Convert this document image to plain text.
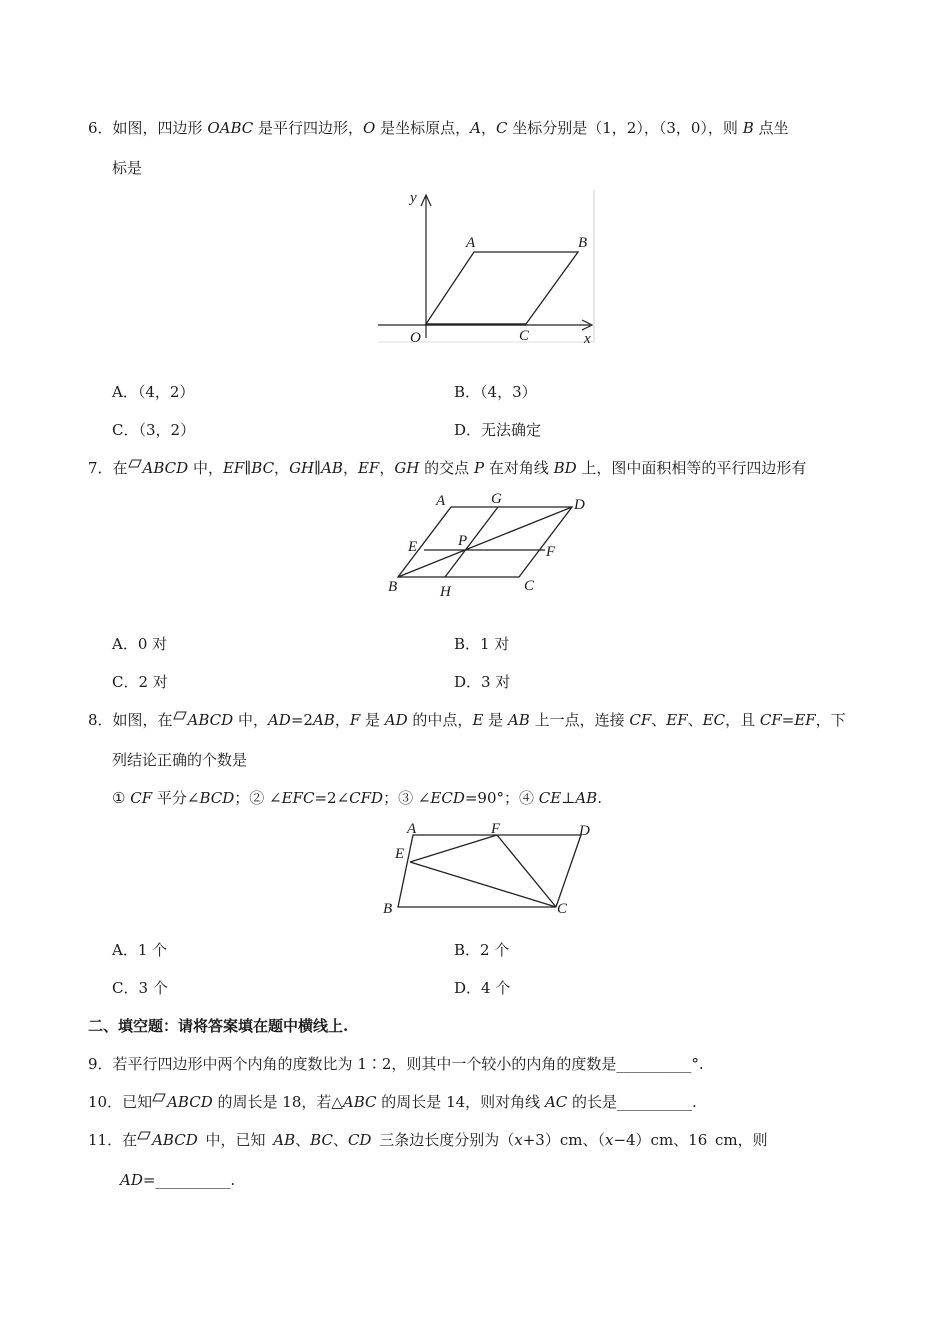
6．如图，四边形 OABC 是平行四边形，O 是坐标原点，A，C 坐标分别是（1，2），（3，0），则 B 点坐
标是
y
x
O
A	B
C
A．（4，2）	B．（4，3）
C．（3，2）	D．无法确定
7．在 ABCD 中，EF∥BC，GH∥AB，EF，GH 的交点 P 在对角线 BD 上，图中面积相等的平行四边形有
A	G	D
E	P
F
B	H	C
A．0 对	B．1 对
C．2 对	D．3 对
8．如图，在 ABCD 中，AD=2AB，F 是 AD 的中点，E 是 AB 上一点，连接 CF、EF、EC，且 CF=EF，下
列结论正确的个数是
① CF 平分∠BCD；② ∠EFC=2∠CFD；③ ∠ECD=90°；④ CE⊥AB.
A	F	D
E
B	C
A．1 个	B．2 个
C．3 个	D．4 个
二、填空题：请将答案填在题中横线上.
9．若平行四边形中两个内角的度数比为 1∶2，则其中一个较小的内角的度数是__________°.
10．已知 ABCD 的周长是 18，若△ABC 的周长是 14，则对角线 AC 的长是__________.
11．在 ABCD 中，已知 AB、BC、CD 三条边长度分别为（x+3）cm、（x−4）cm、16 cm，则
AD=__________.
